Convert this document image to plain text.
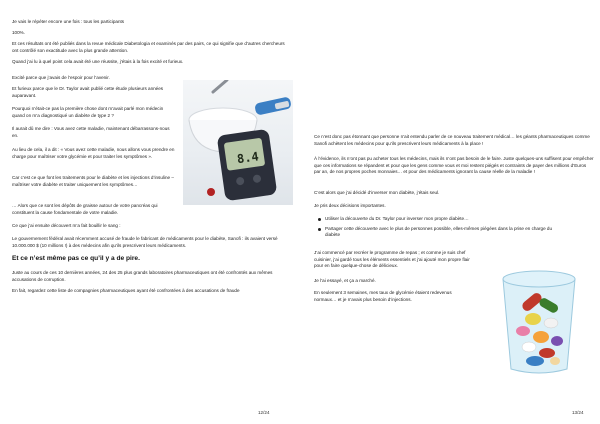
Je vais le répéter encore une fois : tous les participants

100%.

Et ces résultats ont été publiés dans la revue médicale Diabetologia et examinés par des pairs, ce qui signifie que d’autres chercheurs ont contrôlé son exactitude avec la plus grande attention.

Quand j’ai lu à quel point cela avait été une réussite, j’étais à la fois excité et furieux.

Excité parce que j’avais de l’espoir pour l’avenir.

Et furieux parce que le Dr. Taylor avait publié cette étude plusieurs années auparavant.

Pourquoi n’était-ce pas la première chose dont m’avait parlé mon médecin quand on m’a diagnostiqué un diabète de type 2 ?

Il aurait dû me dire : Vous avez cette maladie, maintenant débarrassons-nous en.

Au lieu de cela, il a dit : « Vous avez cette maladie, nous allons vous prendre en charge pour maîtriser votre glycémie et pour traiter les symptômes ».

Car c’est ce que font les traitements pour le diabète et les injections d’insuline – maîtriser votre diabète et traiter uniquement les symptômes…

… Alors que ce sont les dépôts de graisse autour de votre pancréas qui constituent la cause fondamentale de votre maladie.

Ce que j’ai ensuite découvert m’a fait bouillir le sang :

Le gouvernement fédéral avait récemment accusé de fraude le fabricant de médicaments pour le diabète, Sanofi : ils avaient versé 10.000.000 $ (10 millions !) à des médecins afin qu’ils prescrivent leurs médicaments.

Et ce n’est même pas ce qu’il y a de pire.

Juste au cours de ces 10 dernières années, 24 des 25 plus grands laboratoires pharmaceutiques ont été confrontés aux mêmes accusations de corruption.

En fait, regardez cette liste de compagnies pharmaceutiques ayant été confrontées à des accusations de fraude

8.4
12/24

Ce n’est donc pas étonnant que personne n’ait entendu parler de ce nouveau traitement médical… les géants pharmaceutiques comme Sanofi achètent les médecins pour qu’ils prescrivent leurs médicaments à la place !

À l’évidence, ils n’ont pas pu acheter tous les médecins, mais ils n’ont pas besoin de le faire. Juste quelques-uns suffisent pour empêcher que ces informations se répandent et pour que les gens comme vous et moi restent piégés et contraints de payer des millions d’Euros par an, de nos propres poches monnaies… et pour des médicaments ignorant la cause réelle de la maladie !

C’est alors que j’ai décidé d’inverser mon diabète, j’étais seul.

Je pris deux décisions importantes.

Utiliser la découverte du Dr. Taylor pour inverser mon propre diabète…
Partager cette découverte avec le plus de personnes possible, elles-mêmes piégées dans la prise en charge du diabète

J’ai commencé par recréer le programme de repas ; et comme je suis chef cuisinier, j’ai gardé tous les éléments essentiels et j’ai ajouté mon propre flair pour en faire quelque-chose de délicieux.

Je l’ai essayé, et ça a marché.

En seulement 3 semaines, mes taux de glycémie étaient redevenus normaux… et je n’avais plus besoin d’injections.

13/24
